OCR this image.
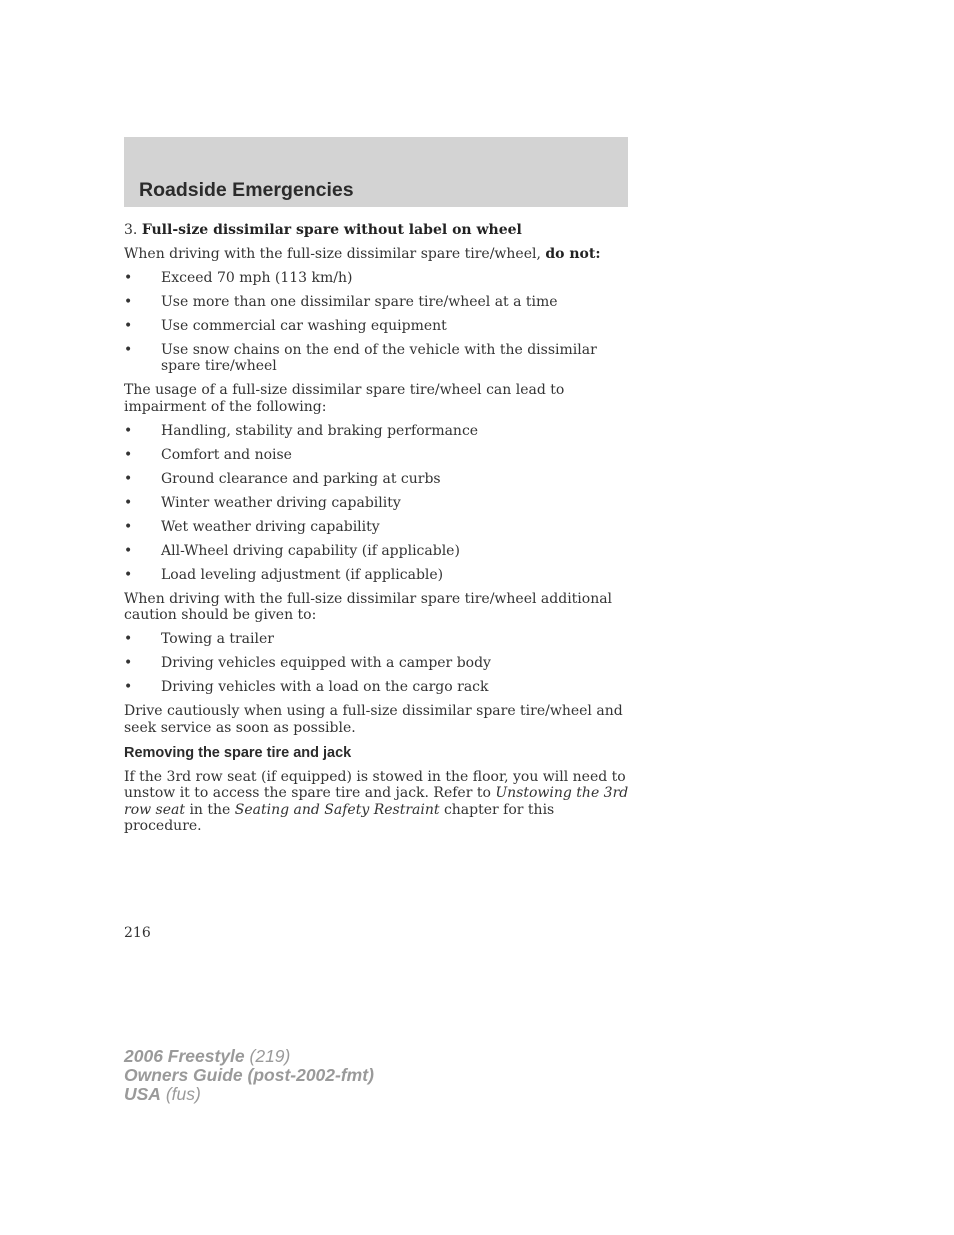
Roadside Emergencies

3. Full-size dissimilar spare without label on wheel

When driving with the full-size dissimilar spare tire/wheel, do not:

•	Exceed 70 mph (113 km/h)
•	Use more than one dissimilar spare tire/wheel at a time
•	Use commercial car washing equipment
•	Use snow chains on the end of the vehicle with the dissimilar spare tire/wheel

The usage of a full-size dissimilar spare tire/wheel can lead to impairment of the following:

•	Handling, stability and braking performance
•	Comfort and noise
•	Ground clearance and parking at curbs
•	Winter weather driving capability
•	Wet weather driving capability
•	All-Wheel driving capability (if applicable)
•	Load leveling adjustment (if applicable)

When driving with the full-size dissimilar spare tire/wheel additional caution should be given to:

•	Towing a trailer
•	Driving vehicles equipped with a camper body
•	Driving vehicles with a load on the cargo rack

Drive cautiously when using a full-size dissimilar spare tire/wheel and seek service as soon as possible.

Removing the spare tire and jack

If the 3rd row seat (if equipped) is stowed in the floor, you will need to unstow it to access the spare tire and jack. Refer to Unstowing the 3rd row seat in the Seating and Safety Restraint chapter for this procedure.

216
2006 Freestyle (219)
Owners Guide (post-2002-fmt)
USA (fus)
